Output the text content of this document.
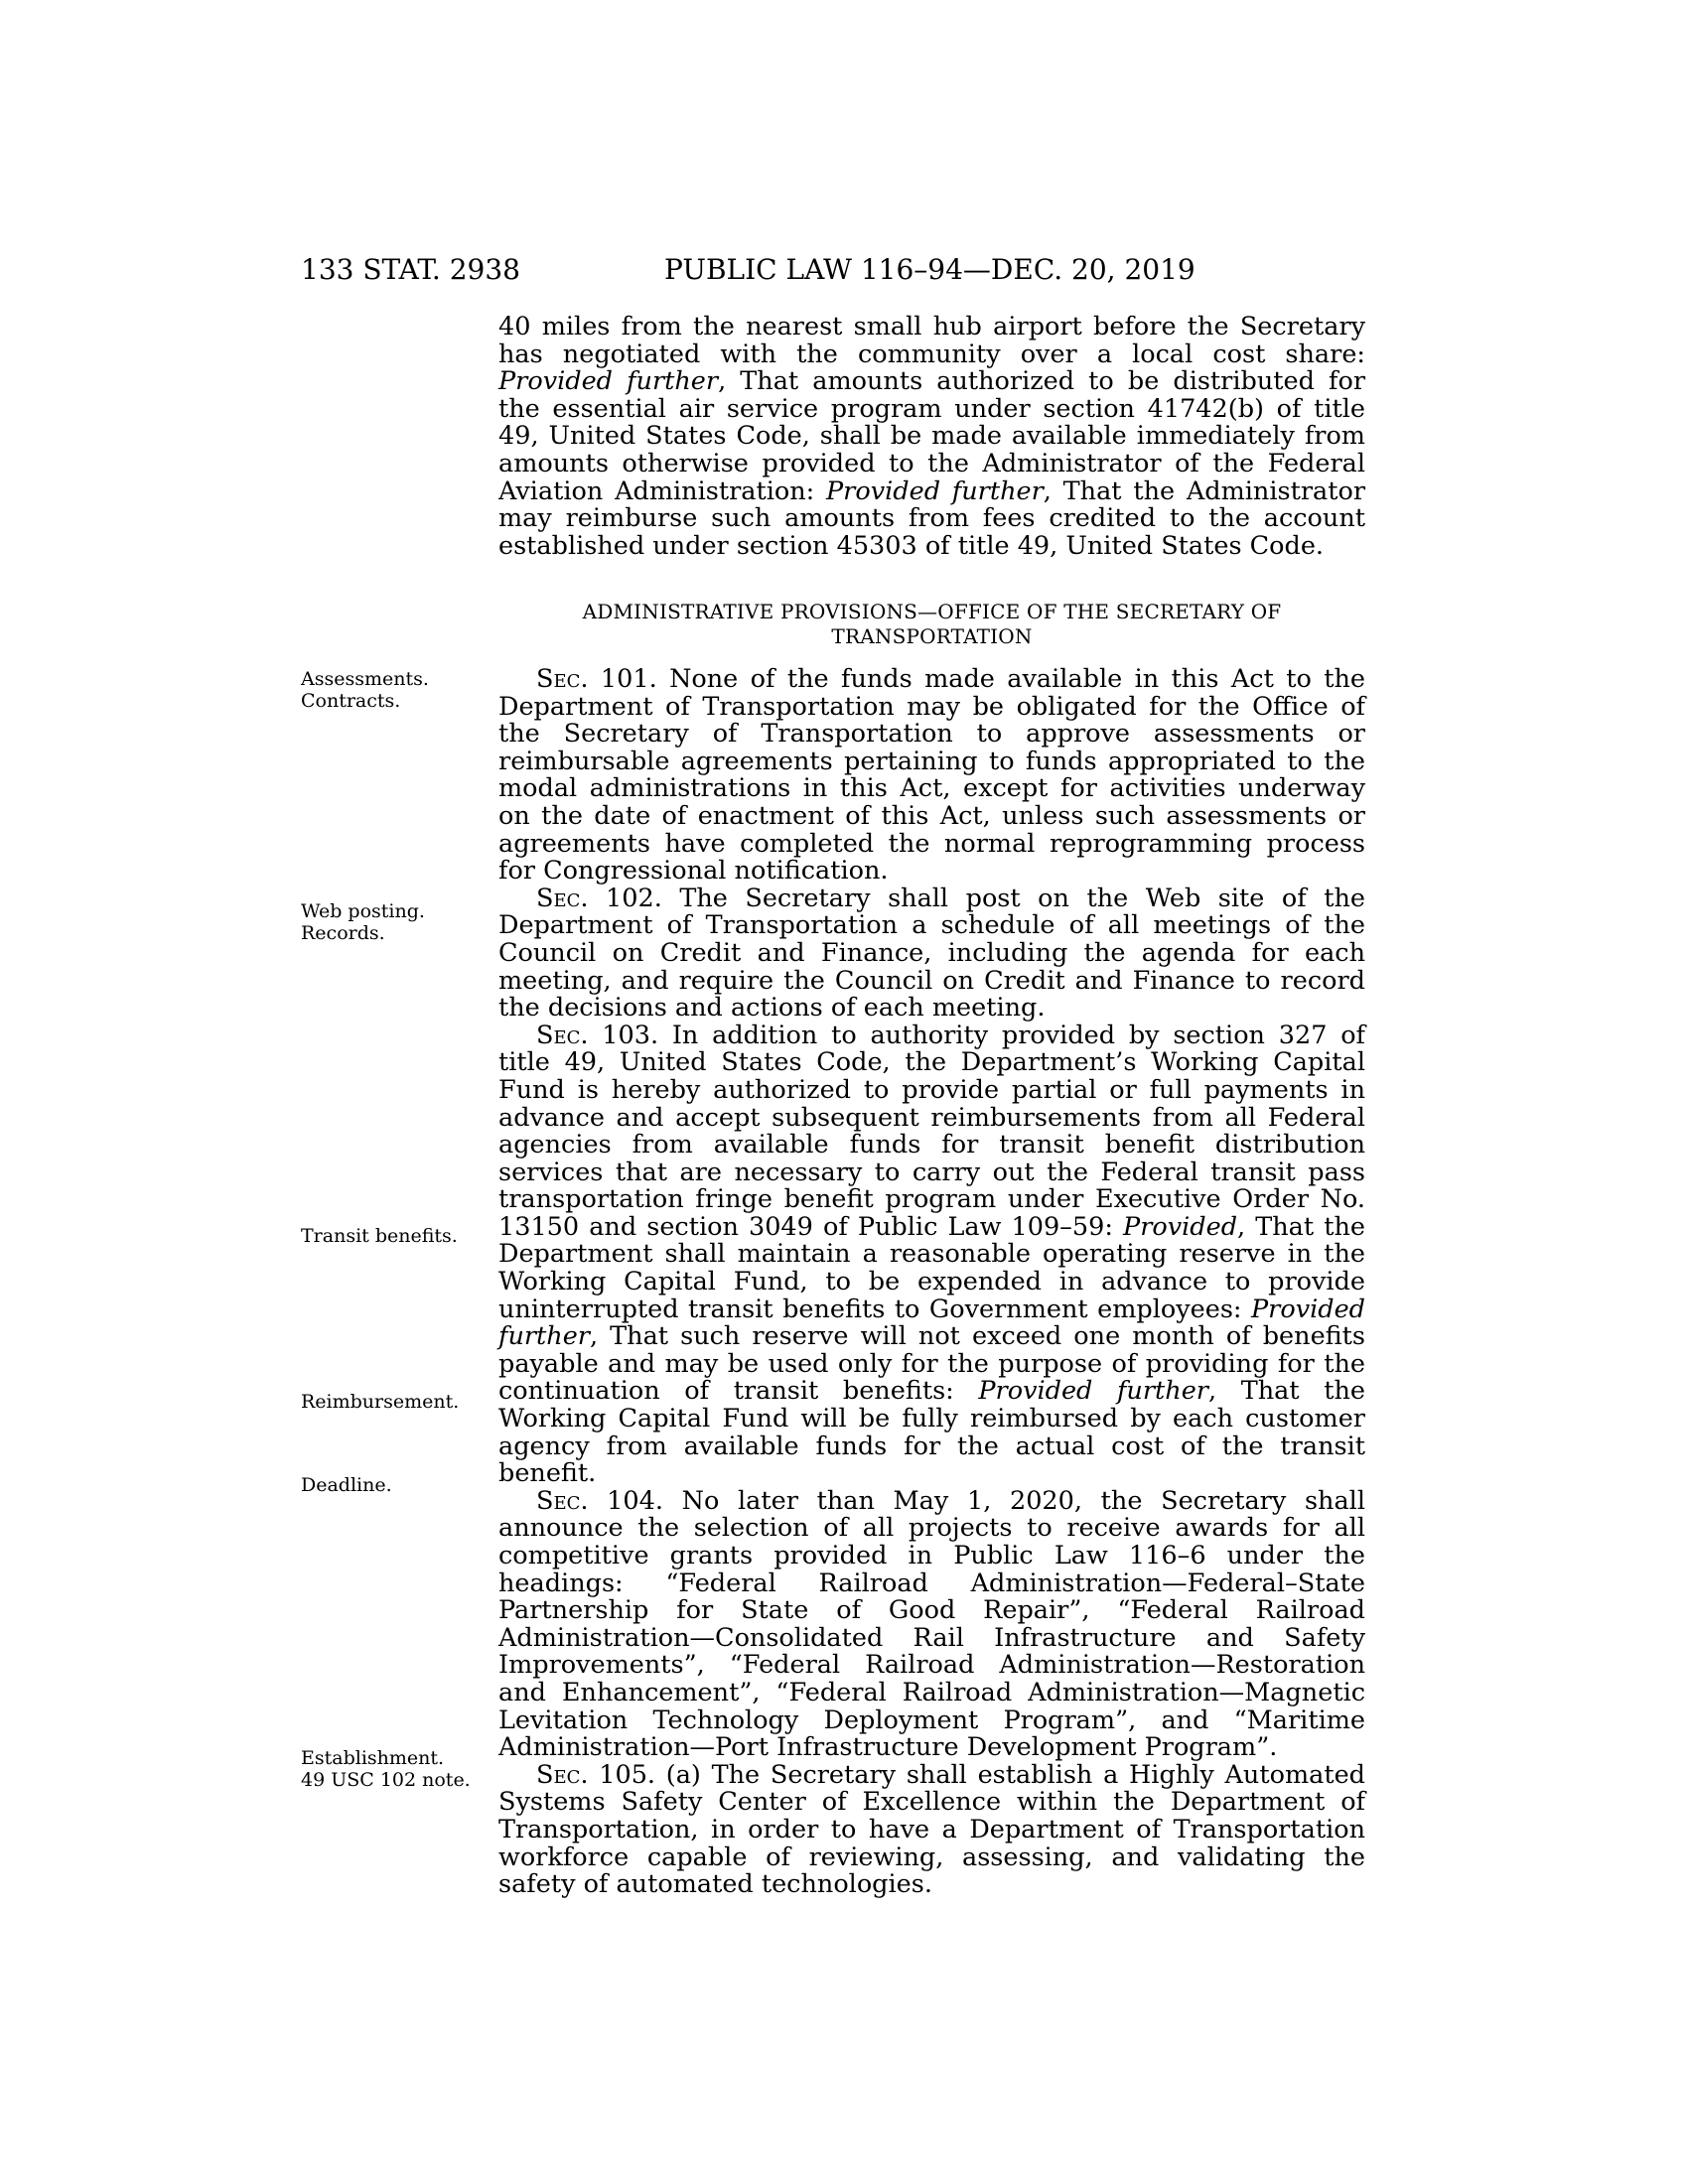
133 STAT. 2938	PUBLIC LAW 116–94—DEC. 20, 2019

40 miles from the nearest small hub airport before the Secretary has negotiated with the community over a local cost share: Provided further, That amounts authorized to be distributed for the essential air service program under section 41742(b) of title 49, United States Code, shall be made available immediately from amounts otherwise provided to the Administrator of the Federal Aviation Administration: Provided further, That the Administrator may reimburse such amounts from fees credited to the account established under section 45303 of title 49, United States Code.

ADMINISTRATIVE PROVISIONS—OFFICE OF THE SECRETARY OF
TRANSPORTATION

Sec. 101. None of the funds made available in this Act to the Department of Transportation may be obligated for the Office of the Secretary of Transportation to approve assessments or reimbursable agreements pertaining to funds appropriated to the modal administrations in this Act, except for activities underway on the date of enactment of this Act, unless such assessments or agreements have completed the normal reprogramming process for Congressional notification.

Sec. 102. The Secretary shall post on the Web site of the Department of Transportation a schedule of all meetings of the Council on Credit and Finance, including the agenda for each meeting, and require the Council on Credit and Finance to record the decisions and actions of each meeting.

Sec. 103. In addition to authority provided by section 327 of title 49, United States Code, the Department’s Working Capital Fund is hereby authorized to provide partial or full payments in advance and accept subsequent reimbursements from all Federal agencies from available funds for transit benefit distribution services that are necessary to carry out the Federal transit pass transportation fringe benefit program under Executive Order No. 13150 and section 3049 of Public Law 109–59: Provided, That the Department shall maintain a reasonable operating reserve in the Working Capital Fund, to be expended in advance to provide uninterrupted transit benefits to Government employees: Provided further, That such reserve will not exceed one month of benefits payable and may be used only for the purpose of providing for the continuation of transit benefits: Provided further, That the Working Capital Fund will be fully reimbursed by each customer agency from available funds for the actual cost of the transit benefit.

Sec. 104. No later than May 1, 2020, the Secretary shall announce the selection of all projects to receive awards for all competitive grants provided in Public Law 116–6 under the headings: “Federal Railroad Administration—Federal–State Partnership for State of Good Repair”, “Federal Railroad Administration—Consolidated Rail Infrastructure and Safety Improvements”, “Federal Railroad Administration—Restoration and Enhancement”, “Federal Railroad Administration—Magnetic Levitation Technology Deployment Program”, and “Maritime Administration—Port Infrastructure Development Program”.

Sec. 105. (a) The Secretary shall establish a Highly Automated Systems Safety Center of Excellence within the Department of Transportation, in order to have a Department of Transportation workforce capable of reviewing, assessing, and validating the safety of automated technologies.

Assessments.
Contracts.
Web posting.
Records.
Transit benefits.
Reimbursement.
Deadline.
Establishment.
49 USC 102 note.
